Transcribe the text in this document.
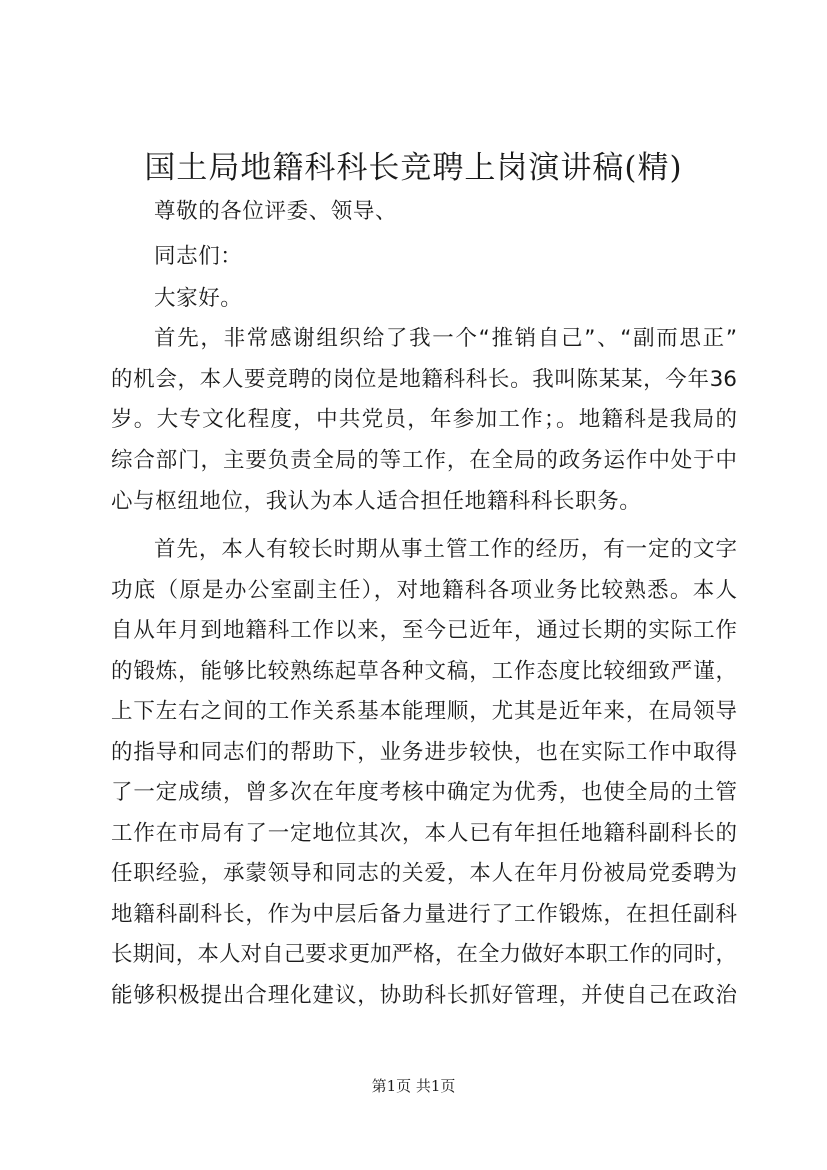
国土局地籍科科长竞聘上岗演讲稿(精)
尊敬的各位评委、领导、
同志们：
大家好。
首先，非常感谢组织给了我一个“推销自己”、“副而思正”
的机会，本人要竞聘的岗位是地籍科科长。我叫陈某某，今年36
岁。大专文化程度，中共党员，年参加工作；。地籍科是我局的
综合部门，主要负责全局的等工作，在全局的政务运作中处于中
心与枢纽地位，我认为本人适合担任地籍科科长职务。
首先，本人有较长时期从事土管工作的经历，有一定的文字
功底（原是办公室副主任），对地籍科各项业务比较熟悉。本人
自从年月到地籍科工作以来，至今已近年，通过长期的实际工作
的锻炼，能够比较熟练起草各种文稿，工作态度比较细致严谨，
上下左右之间的工作关系基本能理顺，尤其是近年来，在局领导
的指导和同志们的帮助下，业务进步较快，也在实际工作中取得
了一定成绩，曾多次在年度考核中确定为优秀，也使全局的土管
工作在市局有了一定地位其次，本人已有年担任地籍科副科长的
任职经验，承蒙领导和同志的关爱，本人在年月份被局党委聘为
地籍科副科长，作为中层后备力量进行了工作锻炼，在担任副科
长期间，本人对自己要求更加严格，在全力做好本职工作的同时，
能够积极提出合理化建议，协助科长抓好管理，并使自己在政治
第1页 共1页
